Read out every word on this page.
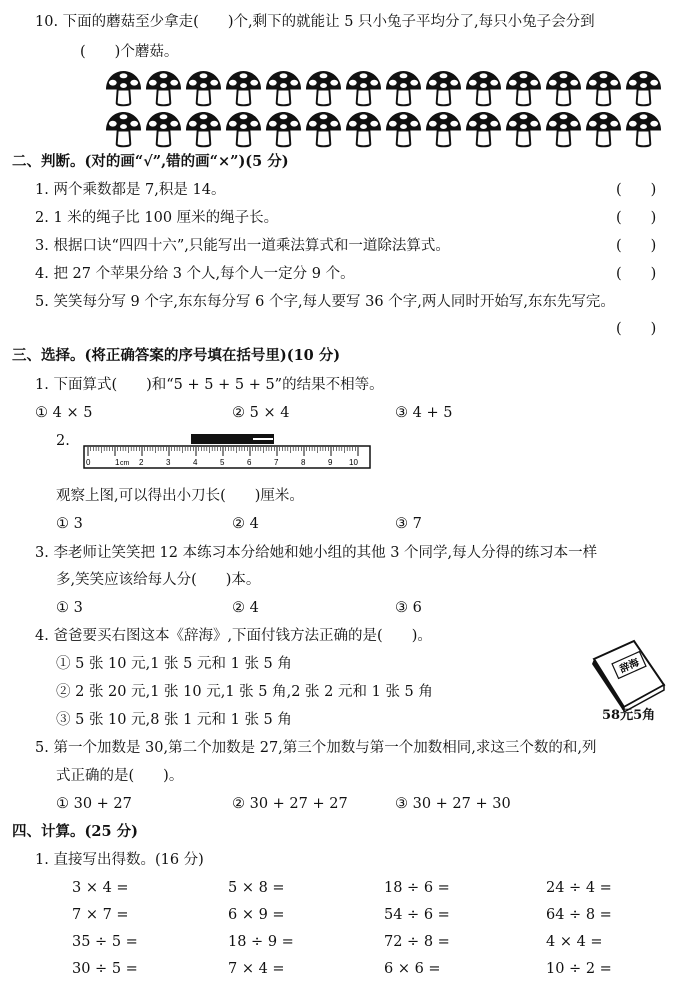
10. 下面的蘑菇至少拿走(　　)个,剩下的就能让 5 只小兔子平均分了,每只小兔子会分到
(　　)个蘑菇。
二、判断。(对的画“√”,错的画“×”)(5 分)
1. 两个乘数都是 7,积是 14。	(　　)
2. 1 米的绳子比 100 厘米的绳子长。	(　　)
3. 根据口诀“四四十六”,只能写出一道乘法算式和一道除法算式。	(　　)
4. 把 27 个苹果分给 3 个人,每个人一定分 9 个。	(　　)
5. 笑笑每分写 9 个字,东东每分写 6 个字,每人要写 36 个字,两人同时开始写,东东先写完。
(　　)
三、选择。(将正确答案的序号填在括号里)(10 分)
1. 下面算式(　　)和“5 + 5 + 5 + 5”的结果不相等。
① 4 × 5	② 5 × 4	③ 4 + 5
2.
0	1 cm 2	3	4	5	6	7	8	9 10
观察上图,可以得出小刀长(　　)厘米。
① 3	② 4	③ 7
3. 李老师让笑笑把 12 本练习本分给她和她小组的其他 3 个同学,每人分得的练习本一样
多,笑笑应该给每人分(　　)本。
① 3	② 4	③ 6
4. 爸爸要买右图这本《辞海》,下面付钱方法正确的是(　　)。
① 5 张 10 元,1 张 5 元和 1 张 5 角
② 2 张 20 元,1 张 10 元,1 张 5 角,2 张 2 元和 1 张 5 角
③ 5 张 10 元,8 张 1 元和 1 张 5 角
辞海
58元5角
5. 第一个加数是 30,第二个加数是 27,第三个加数与第一个加数相同,求这三个数的和,列
式正确的是(　　)。
① 30 + 27	② 30 + 27 + 27	③ 30 + 27 + 30
四、计算。(25 分)
1. 直接写出得数。(16 分)
3 × 4 =	5 × 8 =	18 ÷ 6 =	24 ÷ 4 =
7 × 7 =	6 × 9 =	54 ÷ 6 =	64 ÷ 8 =
35 ÷ 5 =	18 ÷ 9 =	72 ÷ 8 =	4 × 4 =
30 ÷ 5 =	7 × 4 =	6 × 6 =	10 ÷ 2 =
